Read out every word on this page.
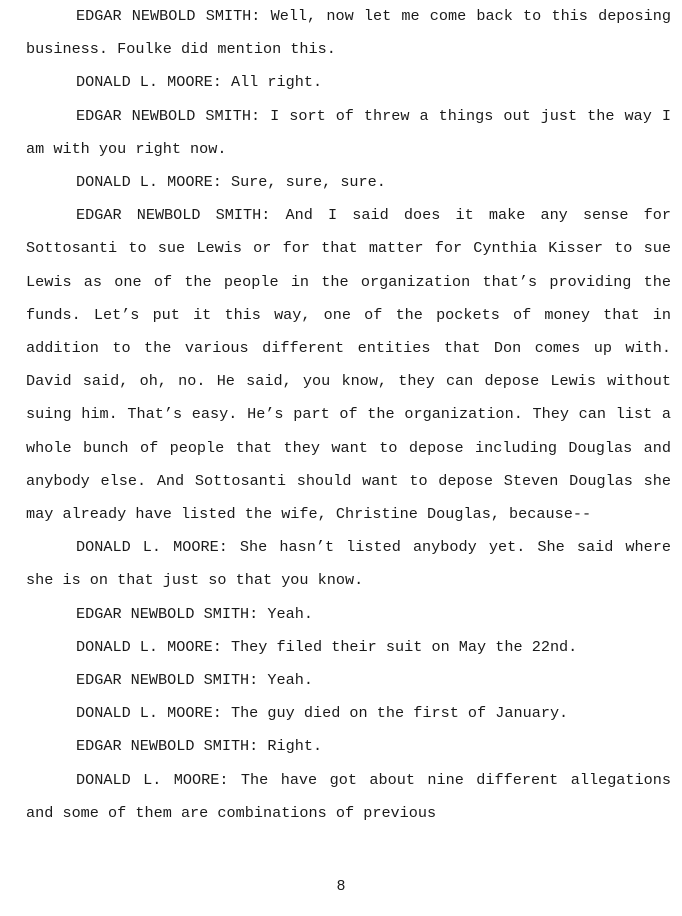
EDGAR NEWBOLD SMITH: Well, now let me come back to this deposing business. Foulke did mention this.

DONALD L. MOORE: All right.

EDGAR NEWBOLD SMITH: I sort of threw a things out just the way I am with you right now.

DONALD L. MOORE: Sure, sure, sure.

EDGAR NEWBOLD SMITH: And I said does it make any sense for Sottosanti to sue Lewis or for that matter for Cynthia Kisser to sue Lewis as one of the people in the organization that’s providing the funds. Let’s put it this way, one of the pockets of money that in addition to the various different entities that Don comes up with. David said, oh, no. He said, you know, they can depose Lewis without suing him. That’s easy. He’s part of the organization. They can list a whole bunch of people that they want to depose including Douglas and anybody else. And Sottosanti should want to depose Steven Douglas she may already have listed the wife, Christine Douglas, because--

DONALD L. MOORE: She hasn’t listed anybody yet. She said where she is on that just so that you know.

EDGAR NEWBOLD SMITH: Yeah.

DONALD L. MOORE: They filed their suit on May the 22nd.

EDGAR NEWBOLD SMITH: Yeah.

DONALD L. MOORE: The guy died on the first of January.

EDGAR NEWBOLD SMITH: Right.

DONALD L. MOORE: The have got about nine different allegations and some of them are combinations of previous

8
